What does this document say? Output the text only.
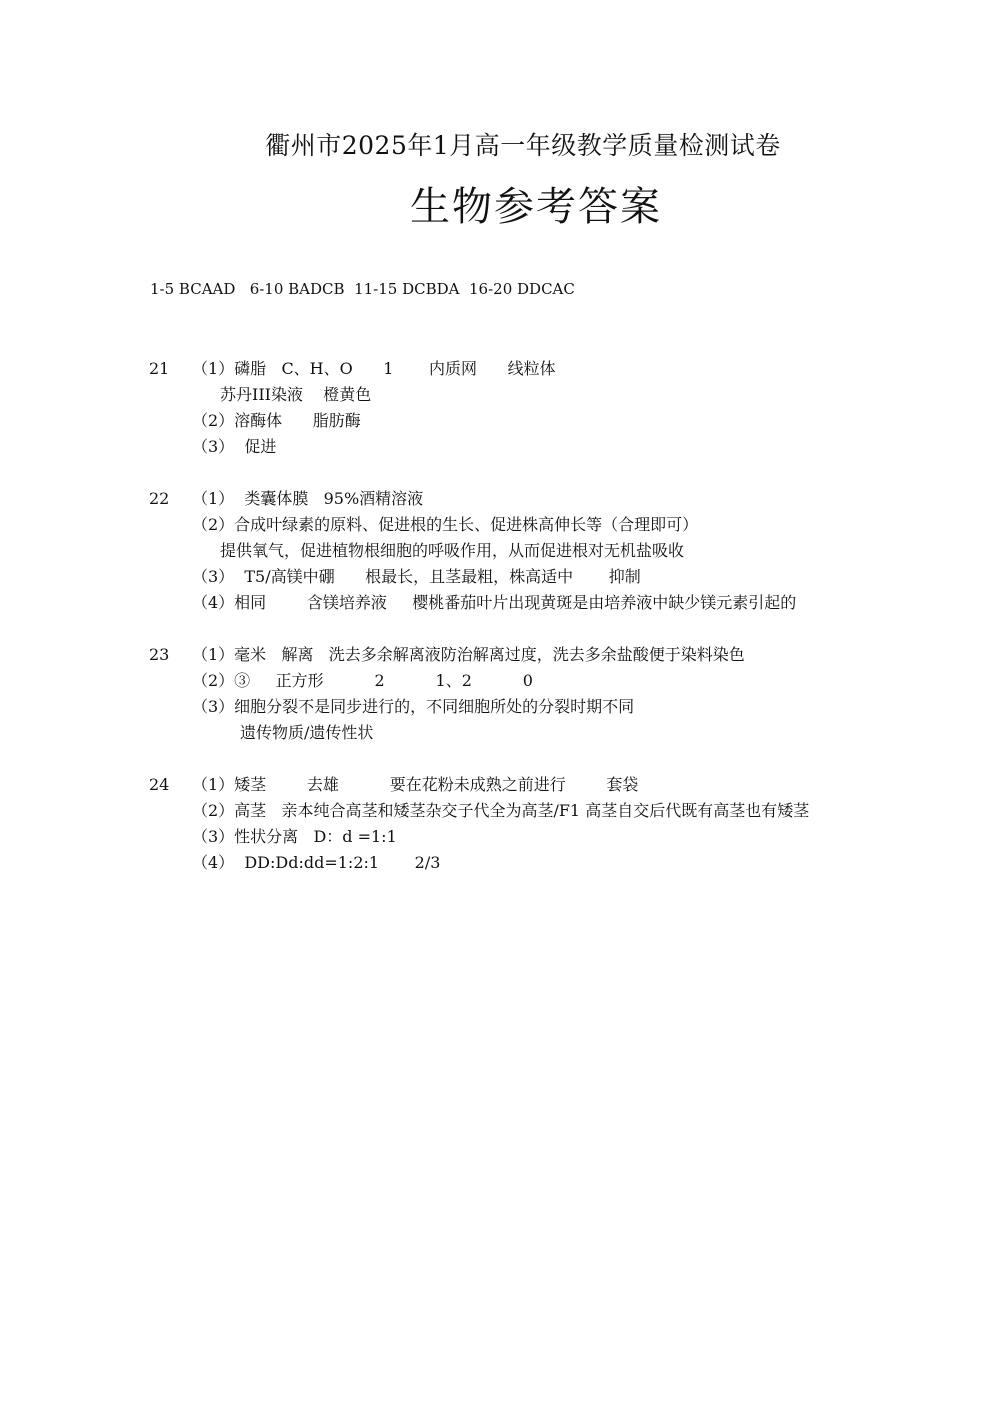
衢州市2025年1月高一年级教学质量检测试卷
生物参考答案
1-5 BCAAD   6-10 BADCB  11-15 DCBDA  16-20 DDCAC
21 （1）磷脂   C、H、O      1       内质网      线粒体
苏丹III染液    橙黄色
（2）溶酶体      脂肪酶
（3）  促进
22 （1）  类囊体膜   95%酒精溶液
（2）合成叶绿素的原料、促进根的生长、促进株高伸长等（合理即可）
提供氧气，促进植物根细胞的呼吸作用，从而促进根对无机盐吸收
（3）  T5/高镁中硼      根最长，且茎最粗，株高适中       抑制
（4）相同        含镁培养液     樱桃番茄叶片出现黄斑是由培养液中缺少镁元素引起的
23 （1）毫米   解离   洗去多余解离液防治解离过度，洗去多余盐酸便于染料染色
（2）③     正方形          2          1、2          0
（3）细胞分裂不是同步进行的，不同细胞所处的分裂时期不同
遗传物质/遗传性状
24 （1）矮茎        去雄          要在花粉未成熟之前进行        套袋
（2）高茎   亲本纯合高茎和矮茎杂交子代全为高茎/F1 高茎自交后代既有高茎也有矮茎
（3）性状分离   D：d =1:1
（4）  DD:Dd:dd=1:2:1       2/3
